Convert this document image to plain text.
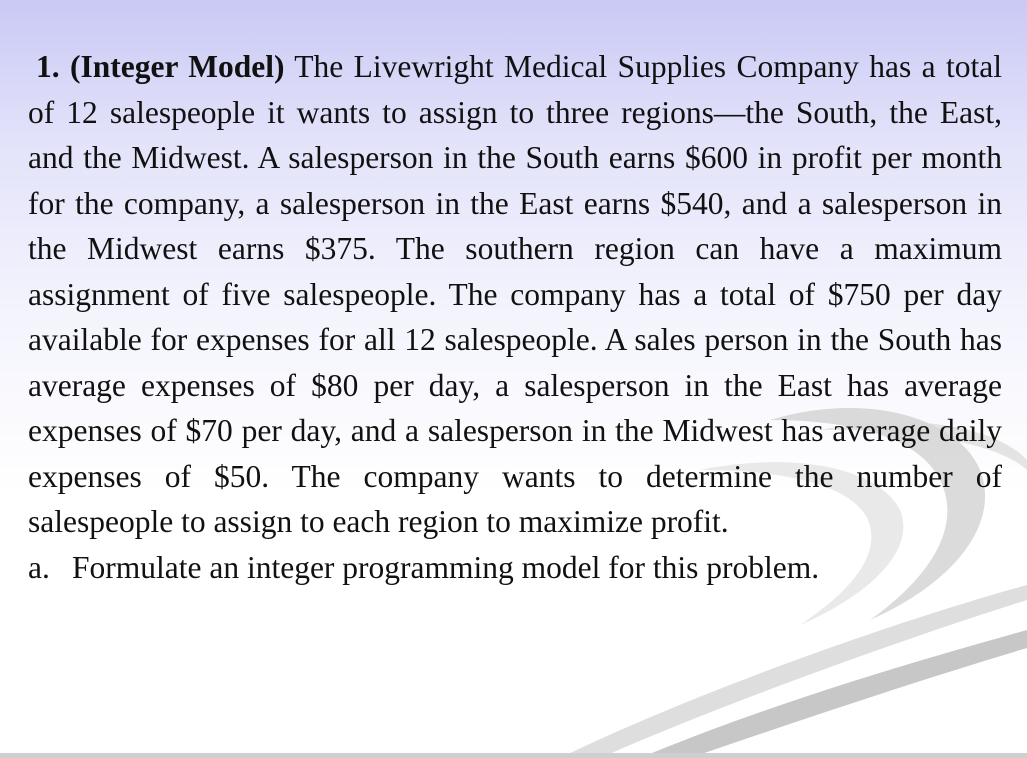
1. (Integer Model) The Livewright Medical Supplies Company has a total of 12 salespeople it wants to assign to three regions—the South, the East, and the Midwest. A salesperson in the South earns $600 in profit per month for the company, a salesperson in the East earns $540, and a salesperson in the Midwest earns $375. The southern region can have a maximum assignment of five salespeople. The company has a total of $750 per day available for expenses for all 12 salespeople. A sales person in the South has average expenses of $80 per day, a salesperson in the East has average expenses of $70 per day, and a salesperson in the Midwest has average daily expenses of $50. The company wants to determine the number of salespeople to assign to each region to maximize profit.
a. Formulate an integer programming model for this problem.
